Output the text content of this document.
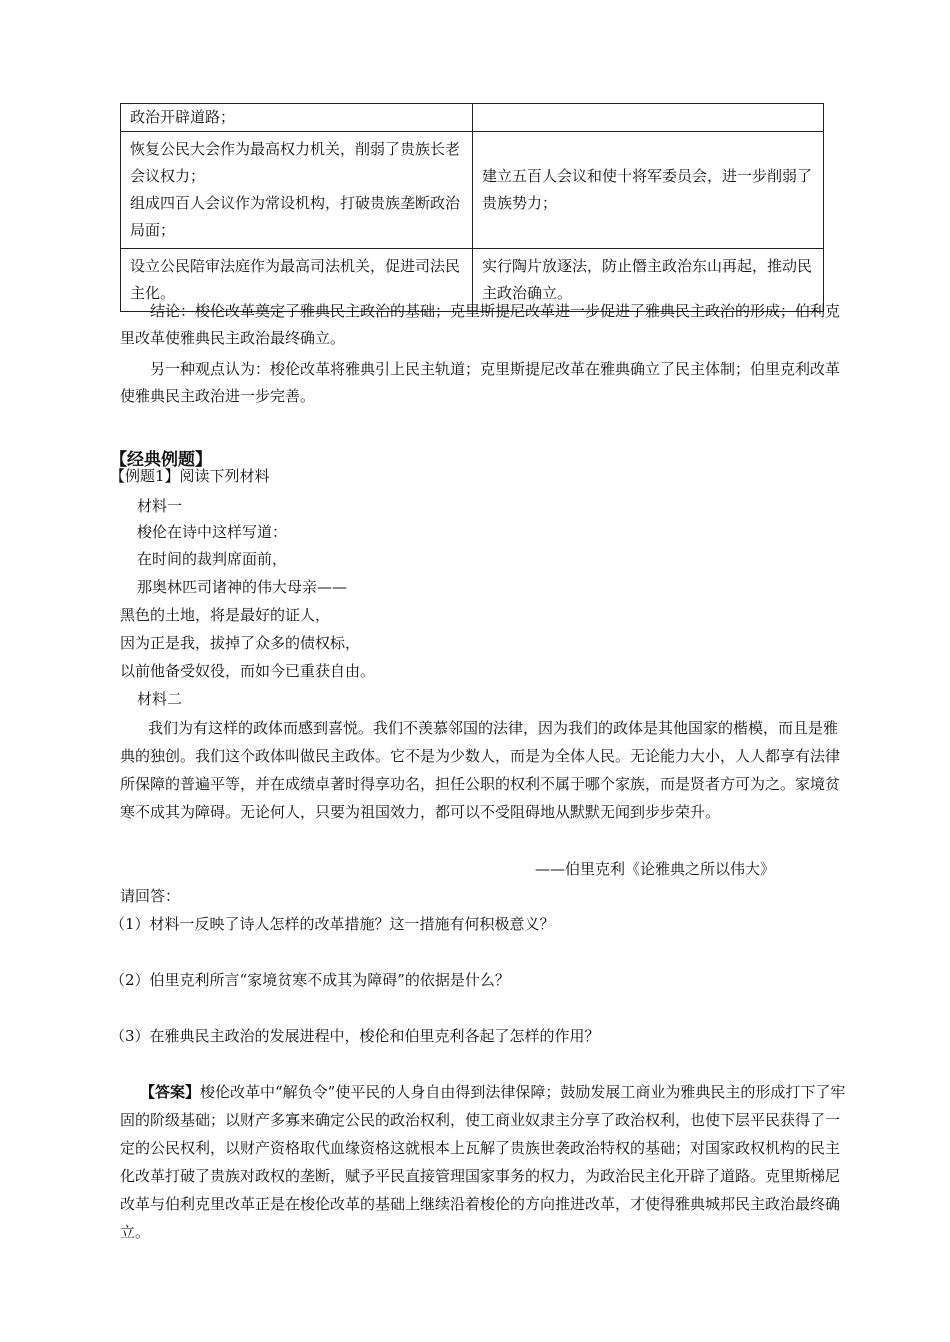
政治开辟道路；	

恢复公民大会作为最高权力机关，削弱了贵族长老会议权力；
组成四百人会议作为常设机构，打破贵族垄断政治局面；	建立五百人会议和使十将军委员会，进一步削弱了贵族势力；

设立公民陪审法庭作为最高司法机关，促进司法民主化。	实行陶片放逐法，防止僭主政治东山再起，推动民主政治确立。
结论：梭伦改革奠定了雅典民主政治的基础；克里斯提尼改革进一步促进了雅典民主政治的形成；伯利克里改革使雅典民主政治最终确立。
另一种观点认为：梭伦改革将雅典引上民主轨道；克里斯提尼改革在雅典确立了民主体制；伯里克利改革使雅典民主政治进一步完善。
【经典例题】
【例题1】阅读下列材料
材料一
梭伦在诗中这样写道：
在时间的裁判席面前，
那奥林匹司诸神的伟大母亲——
黑色的土地，将是最好的证人，
因为正是我，拔掉了众多的债权标，
以前他备受奴役，而如今已重获自由。
材料二
我们为有这样的政体而感到喜悦。我们不羡慕邻国的法律，因为我们的政体是其他国家的楷模，而且是雅典的独创。我们这个政体叫做民主政体。它不是为少数人，而是为全体人民。无论能力大小，人人都享有法律所保障的普遍平等，并在成绩卓著时得享功名，担任公职的权利不属于哪个家族，而是贤者方可为之。家境贫寒不成其为障碍。无论何人，只要为祖国效力，都可以不受阻碍地从默默无闻到步步荣升。
——伯里克利《论雅典之所以伟大》
请回答：
（1）材料一反映了诗人怎样的改革措施？这一措施有何积极意义？
（2）伯里克利所言“家境贫寒不成其为障碍”的依据是什么？
（3）在雅典民主政治的发展进程中，梭伦和伯里克利各起了怎样的作用？
【答案】梭伦改革中“解负令”使平民的人身自由得到法律保障；鼓励发展工商业为雅典民主的形成打下了牢固的阶级基础；以财产多寡来确定公民的政治权利，使工商业奴隶主分享了政治权利，也使下层平民获得了一定的公民权利，以财产资格取代血缘资格这就根本上瓦解了贵族世袭政治特权的基础；对国家政权机构的民主化改革打破了贵族对政权的垄断，赋予平民直接管理国家事务的权力，为政治民主化开辟了道路。克里斯梯尼改革与伯利克里改革正是在梭伦改革的基础上继续沿着梭伦的方向推进改革，才使得雅典城邦民主政治最终确立。
